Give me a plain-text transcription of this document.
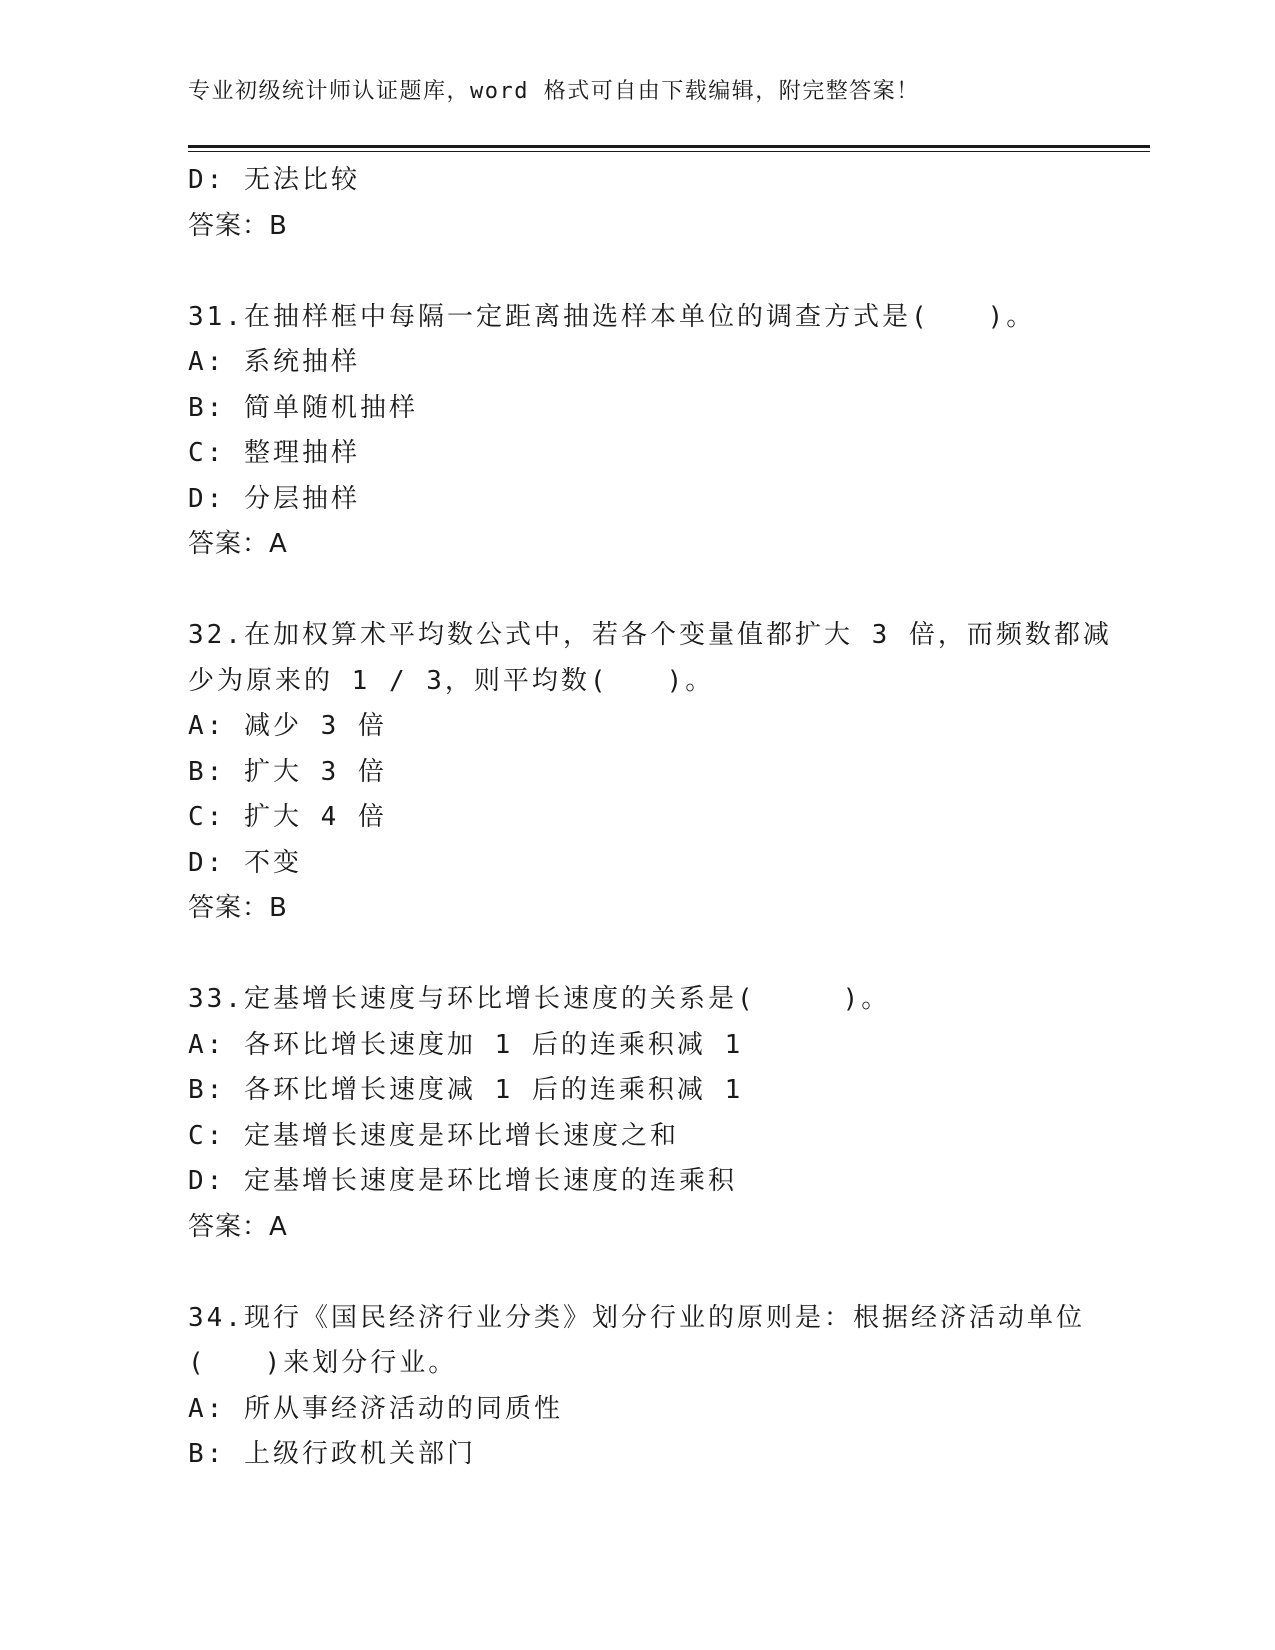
专业初级统计师认证题库，word 格式可自由下载编辑，附完整答案！
D: 无法比较
答案：B
31.在抽样框中每隔一定距离抽选样本单位的调查方式是(　　)。
A: 系统抽样
B: 简单随机抽样
C: 整理抽样
D: 分层抽样
答案：A
32.在加权算术平均数公式中，若各个变量值都扩大 3 倍，而频数都减
少为原来的 1 / 3，则平均数(　　)。
A: 减少 3 倍
B: 扩大 3 倍
C: 扩大 4 倍
D: 不变
答案：B
33.定基增长速度与环比增长速度的关系是(　　　)。
A: 各环比增长速度加 1 后的连乘积减 1
B: 各环比增长速度减 1 后的连乘积减 1
C: 定基增长速度是环比增长速度之和
D: 定基增长速度是环比增长速度的连乘积
答案：A
34.现行《国民经济行业分类》划分行业的原则是：根据经济活动单位
(　　)来划分行业。
A: 所从事经济活动的同质性
B: 上级行政机关部门
